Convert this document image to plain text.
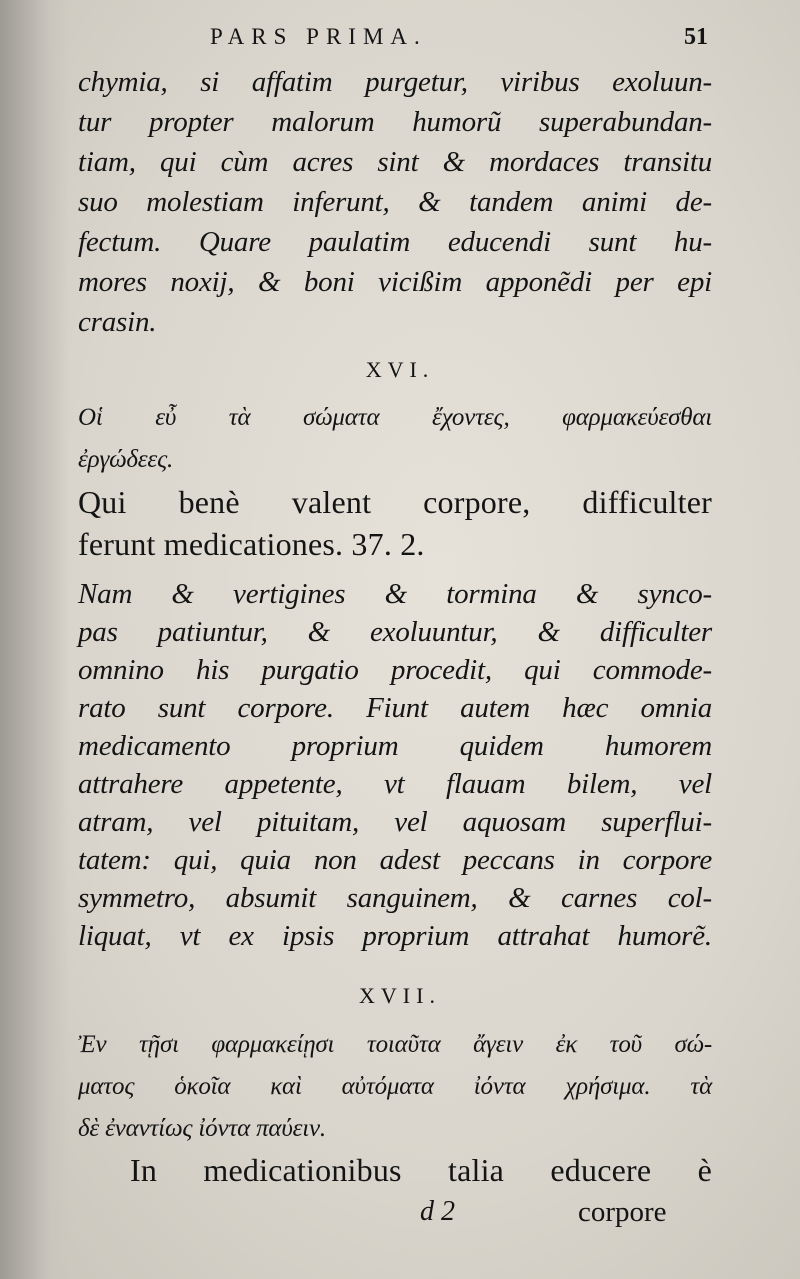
PARS PRIMA.	51
chymia, si affatim purgetur, viribus exoluun-
tur propter malorum humorũ superabundan-
tiam, qui cùm acres sint & mordaces transitu
suo molestiam inferunt, & tandem animi de-
fectum. Quare paulatim educendi sunt hu-
mores noxij, & boni vicißim apponẽdi per epi
crasin.
XVI.
Οἱ εὖ τὰ σώματα ἔχοντες, φαρμακεύεσθαι
ἐργώδεες.
Qui benè valent corpore, difficulter
ferunt medicationes. 37. 2.
Nam & vertigines & tormina & synco-
pas patiuntur, & exoluuntur, & difficulter
omnino his purgatio procedit, qui commode-
rato sunt corpore. Fiunt autem hæc omnia
medicamento proprium quidem humorem
attrahere appetente, vt flauam bilem, vel
atram, vel pituitam, vel aquosam superflui-
tatem: qui, quia non adest peccans in corpore
symmetro, absumit sanguinem, & carnes col-
liquat, vt ex ipsis proprium attrahat humorẽ.
XVII.
Ἐν τῇσι φαρμακείῃσι τοιαῦτα ἄγειν ἐκ τοῦ σώ-
ματος ὁκοῖα καὶ αὐτόματα ἰόντα χρήσιμα. τὰ
δὲ ἐναντίως ἰόντα παύειν.
In medicationibus talia educere è
d 2	corpore
